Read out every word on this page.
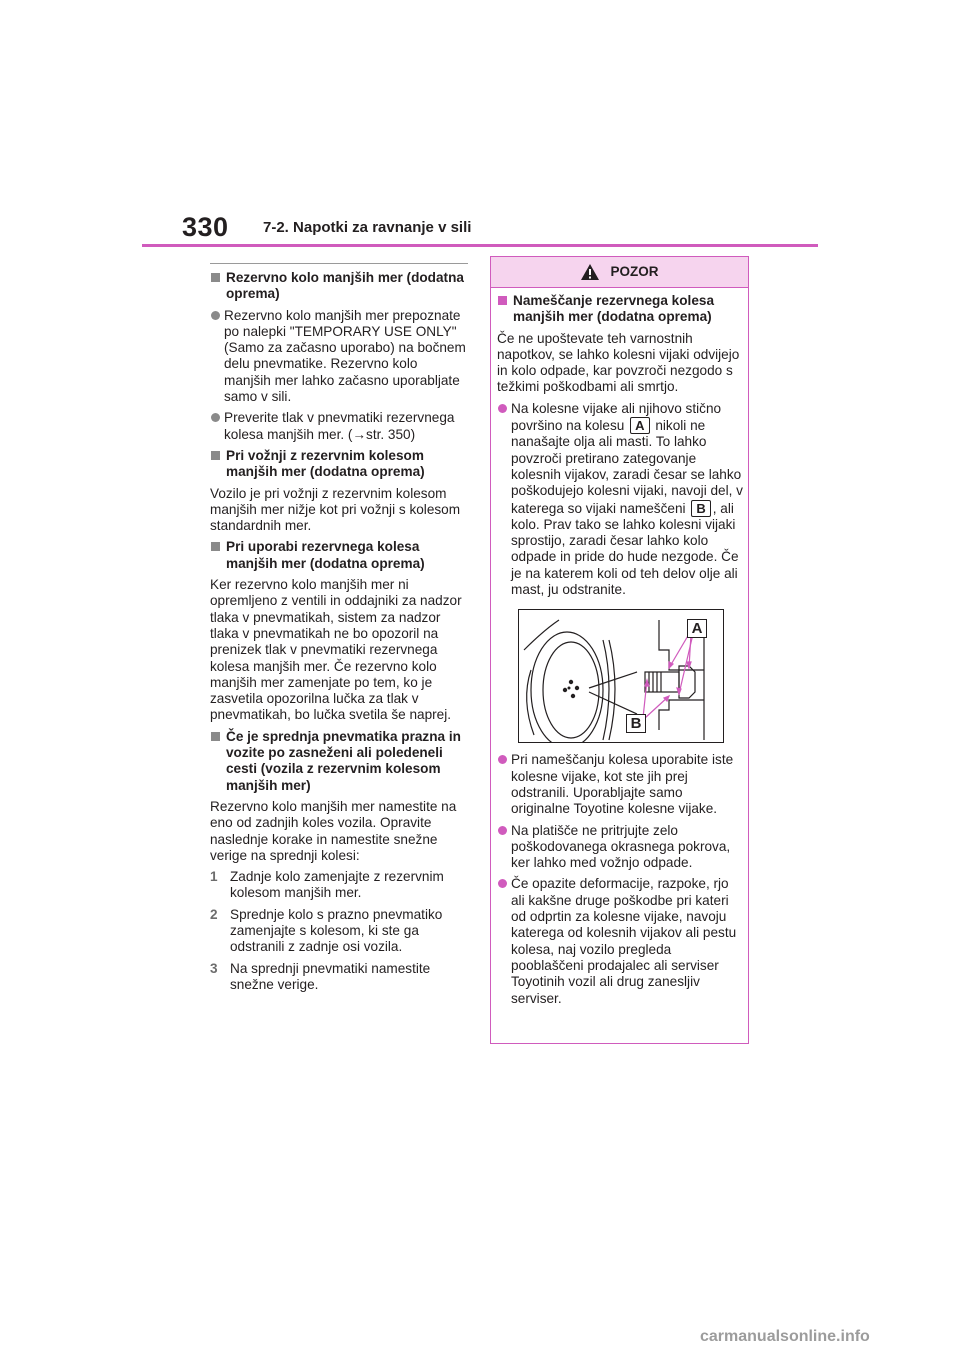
330 7-2. Napotki za ravnanje v sili
Rezervno kolo manjših mer (dodatna oprema)
Rezervno kolo manjših mer prepoznate po nalepki "TEMPORARY USE ONLY" (Samo za začasno uporabo) na bočnem delu pnevmatike. Rezervno kolo manjših mer lahko začasno uporabljate samo v sili.
Preverite tlak v pnevmatiki rezervnega kolesa manjših mer. (→str. 350)
Pri vožnji z rezervnim kolesom manjših mer (dodatna oprema)
Vozilo je pri vožnji z rezervnim kolesom manjših mer nižje kot pri vožnji s kolesom standardnih mer.
Pri uporabi rezervnega kolesa manjših mer (dodatna oprema)
Ker rezervno kolo manjših mer ni opremljeno z ventili in oddajniki za nadzor tlaka v pnevmatikah, sistem za nadzor tlaka v pnevmatikah ne bo opozoril na prenizek tlak v pnevmatiki rezervnega kolesa manjših mer. Če rezervno kolo manjših mer zamenjate po tem, ko je zasvetila opozorilna lučka za tlak v pnevmatikah, bo lučka svetila še naprej.
Če je sprednja pnevmatika prazna in vozite po zasneženi ali poledeneli cesti (vozila z rezervnim kolesom manjših mer)
Rezervno kolo manjših mer namestite na eno od zadnjih koles vozila. Opravite naslednje korake in namestite snežne verige na sprednji kolesi:
1 Zadnje kolo zamenjajte z rezervnim kolesom manjših mer.
2 Sprednje kolo s prazno pnevmatiko zamenjajte s kolesom, ki ste ga odstranili z zadnje osi vozila.
3 Na sprednji pnevmatiki namestite snežne verige.
POZOR
Nameščanje rezervnega kolesa manjših mer (dodatna oprema)
Če ne upoštevate teh varnostnih napotkov, se lahko kolesni vijaki odvijejo in kolo odpade, kar povzroči nezgodo s težkimi poškodbami ali smrtjo.
Na kolesne vijake ali njihovo stično površino na kolesu A nikoli ne nanašajte olja ali masti. To lahko povzroči pretirano zategovanje kolesnih vijakov, zaradi česar se lahko poškodujejo kolesni vijaki, navoji del, v katerega so vijaki nameščeni B , ali kolo. Prav tako se lahko kolesni vijaki sprostijo, zaradi česar lahko kolo odpade in pride do hude nezgode. Če je na katerem koli od teh delov olje ali mast, ju odstranite.
A
B
Pri nameščanju kolesa uporabite iste kolesne vijake, kot ste jih prej odstranili. Uporabljajte samo originalne Toyotine kolesne vijake.
Na platišče ne pritrjujte zelo poškodovanega okrasnega pokrova, ker lahko med vožnjo odpade.
Če opazite deformacije, razpoke, rjo ali kakšne druge poškodbe pri kateri od odprtin za kolesne vijake, navoju katerega od kolesnih vijakov ali pestu kolesa, naj vozilo pregleda pooblaščeni prodajalec ali serviser Toyotinih vozil ali drug zanesljiv serviser.
carmanualsonline.info
